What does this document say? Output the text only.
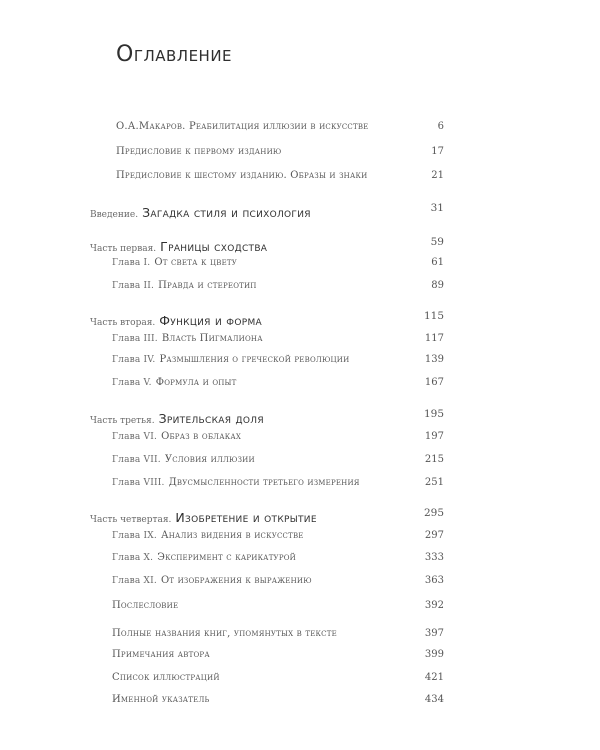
Оглавление
О.А.Макаров. Реабилитация иллюзии в искусстве	6
Предисловие к первому изданию	17
Предисловие к шестому изданию. Образы и знаки	21
Введение. Загадка стиля и психология	31
Часть первая. Границы сходства	59
Глава I. От света к цвету	61
Глава II. Правда и стереотип	89
Часть вторая. Функция и форма	115
Глава III. Власть Пигмалиона	117
Глава IV. Размышления о греческой революции	139
Глава V. Формула и опыт	167
Часть третья. Зрительская доля	195
Глава VI. Образ в облаках	197
Глава VII. Условия иллюзии	215
Глава VIII. Двусмысленности третьего измерения	251
Часть четвертая. Изобретение и открытие	295
Глава IX. Анализ видения в искусстве	297
Глава X. Эксперимент с карикатурой	333
Глава XI. От изображения к выражению	363
Послесловие	392
Полные названия книг, упомянутых в тексте	397
Примечания автора	399
Список иллюстраций	421
Именной указатель	434
